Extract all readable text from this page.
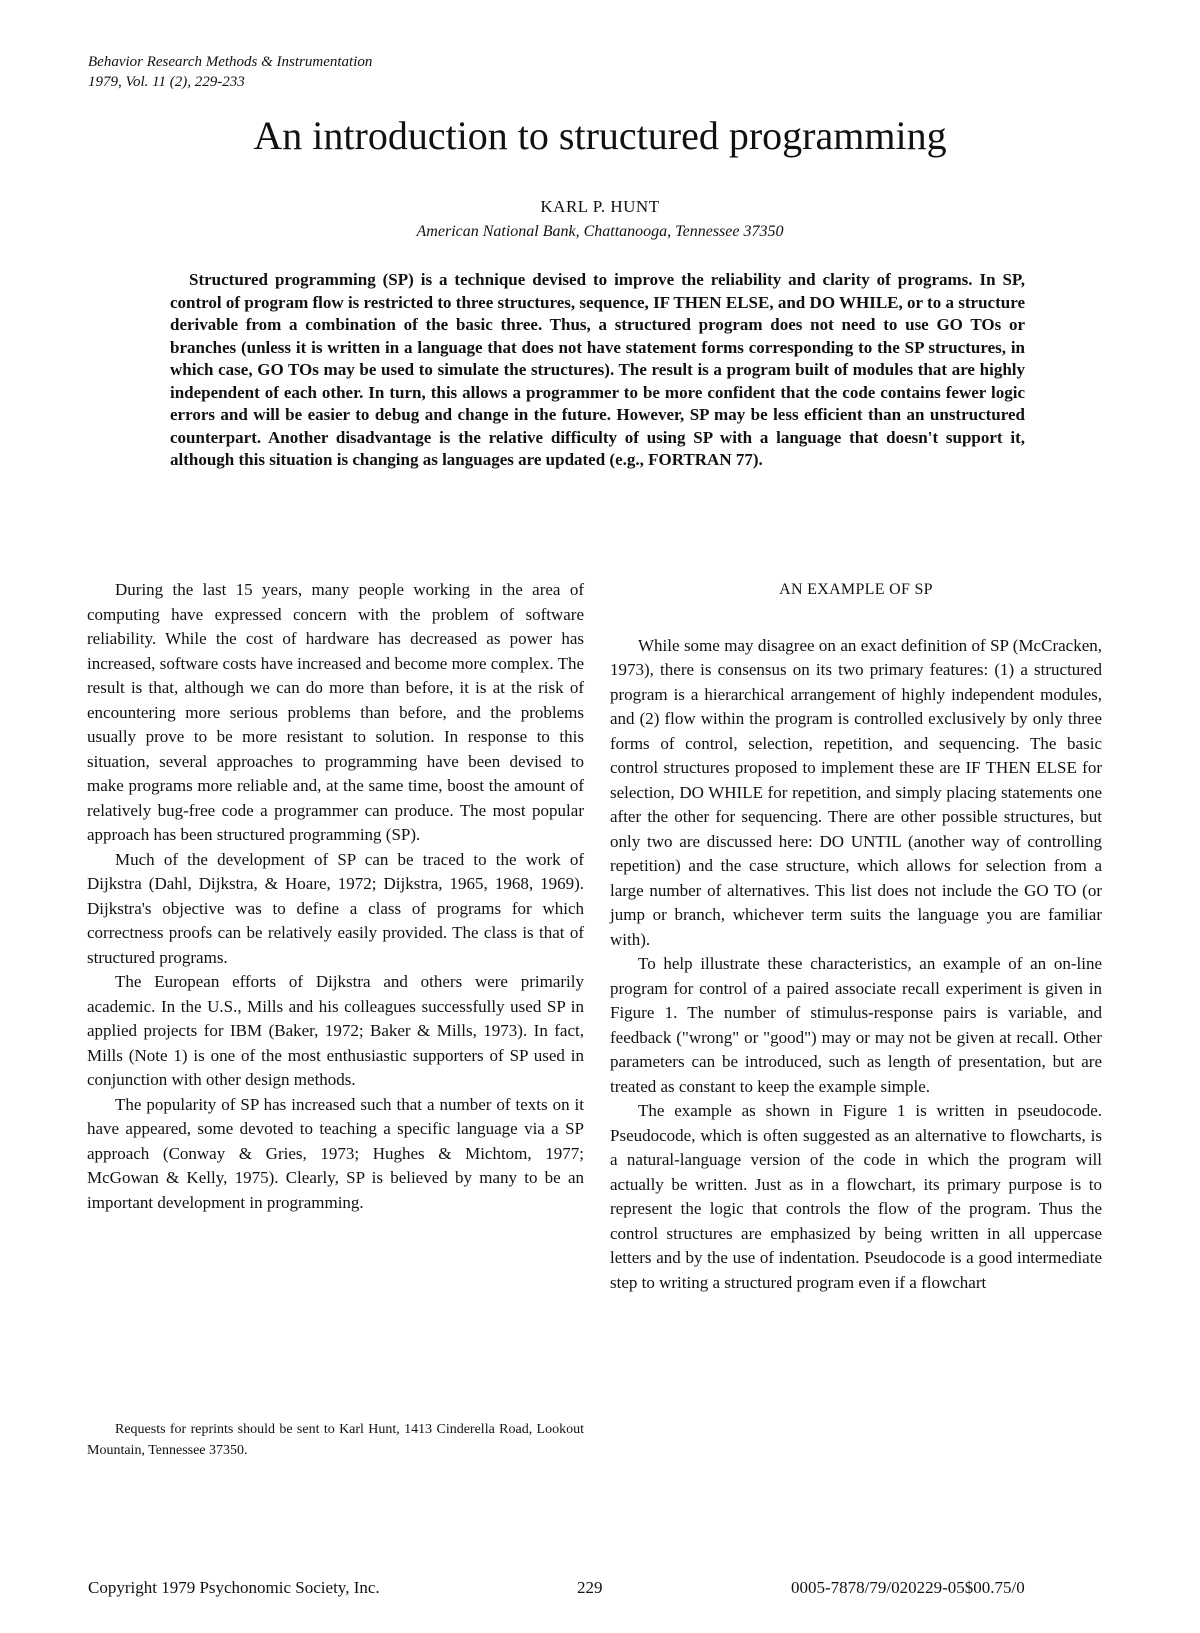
Behavior Research Methods & Instrumentation
1979, Vol. 11 (2), 229-233
An introduction to structured programming
KARL P. HUNT
American National Bank, Chattanooga, Tennessee 37350

Structured programming (SP) is a technique devised to improve the reliability and clarity of programs. In SP, control of program flow is restricted to three structures, sequence, IF THEN ELSE, and DO WHILE, or to a structure derivable from a combination of the basic three. Thus, a structured program does not need to use GO TOs or branches (unless it is written in a language that does not have statement forms corresponding to the SP structures, in which case, GO TOs may be used to simulate the structures). The result is a program built of modules that are highly independent of each other. In turn, this allows a programmer to be more confident that the code contains fewer logic errors and will be easier to debug and change in the future. However, SP may be less efficient than an unstructured counterpart. Another disadvantage is the relative difficulty of using SP with a language that doesn't support it, although this situation is changing as languages are updated (e.g., FORTRAN 77).

During the last 15 years, many people working in the area of computing have expressed concern with the problem of software reliability. While the cost of hardware has decreased as power has increased, software costs have increased and become more complex. The result is that, although we can do more than before, it is at the risk of encountering more serious problems than before, and the problems usually prove to be more resistant to solution. In response to this situation, several approaches to programming have been devised to make programs more reliable and, at the same time, boost the amount of relatively bug-free code a programmer can produce. The most popular approach has been structured programming (SP).

Much of the development of SP can be traced to the work of Dijkstra (Dahl, Dijkstra, & Hoare, 1972; Dijkstra, 1965, 1968, 1969). Dijkstra's objective was to define a class of programs for which correctness proofs can be relatively easily provided. The class is that of structured programs.

The European efforts of Dijkstra and others were primarily academic. In the U.S., Mills and his colleagues successfully used SP in applied projects for IBM (Baker, 1972; Baker & Mills, 1973). In fact, Mills (Note 1) is one of the most enthusiastic supporters of SP used in conjunction with other design methods.

The popularity of SP has increased such that a number of texts on it have appeared, some devoted to teaching a specific language via a SP approach (Conway & Gries, 1973; Hughes & Michtom, 1977; McGowan & Kelly, 1975). Clearly, SP is believed by many to be an important development in programming.

Requests for reprints should be sent to Karl Hunt, 1413 Cinderella Road, Lookout Mountain, Tennessee 37350.

AN EXAMPLE OF SP

While some may disagree on an exact definition of SP (McCracken, 1973), there is consensus on its two primary features: (1) a structured program is a hierarchical arrangement of highly independent modules, and (2) flow within the program is controlled exclusively by only three forms of control, selection, repetition, and sequencing. The basic control structures proposed to implement these are IF THEN ELSE for selection, DO WHILE for repetition, and simply placing statements one after the other for sequencing. There are other possible structures, but only two are discussed here: DO UNTIL (another way of controlling repetition) and the case structure, which allows for selection from a large number of alternatives. This list does not include the GO TO (or jump or branch, whichever term suits the language you are familiar with).

To help illustrate these characteristics, an example of an on-line program for control of a paired associate recall experiment is given in Figure 1. The number of stimulus-response pairs is variable, and feedback ("wrong" or "good") may or may not be given at recall. Other parameters can be introduced, such as length of presentation, but are treated as constant to keep the example simple.

The example as shown in Figure 1 is written in pseudocode. Pseudocode, which is often suggested as an alternative to flowcharts, is a natural-language version of the code in which the program will actually be written. Just as in a flowchart, its primary purpose is to represent the logic that controls the flow of the program. Thus the control structures are emphasized by being written in all uppercase letters and by the use of indentation. Pseudocode is a good intermediate step to writing a structured program even if a flowchart

Copyright 1979 Psychonomic Society, Inc.	229	0005-7878/79/020229-05$00.75/0
